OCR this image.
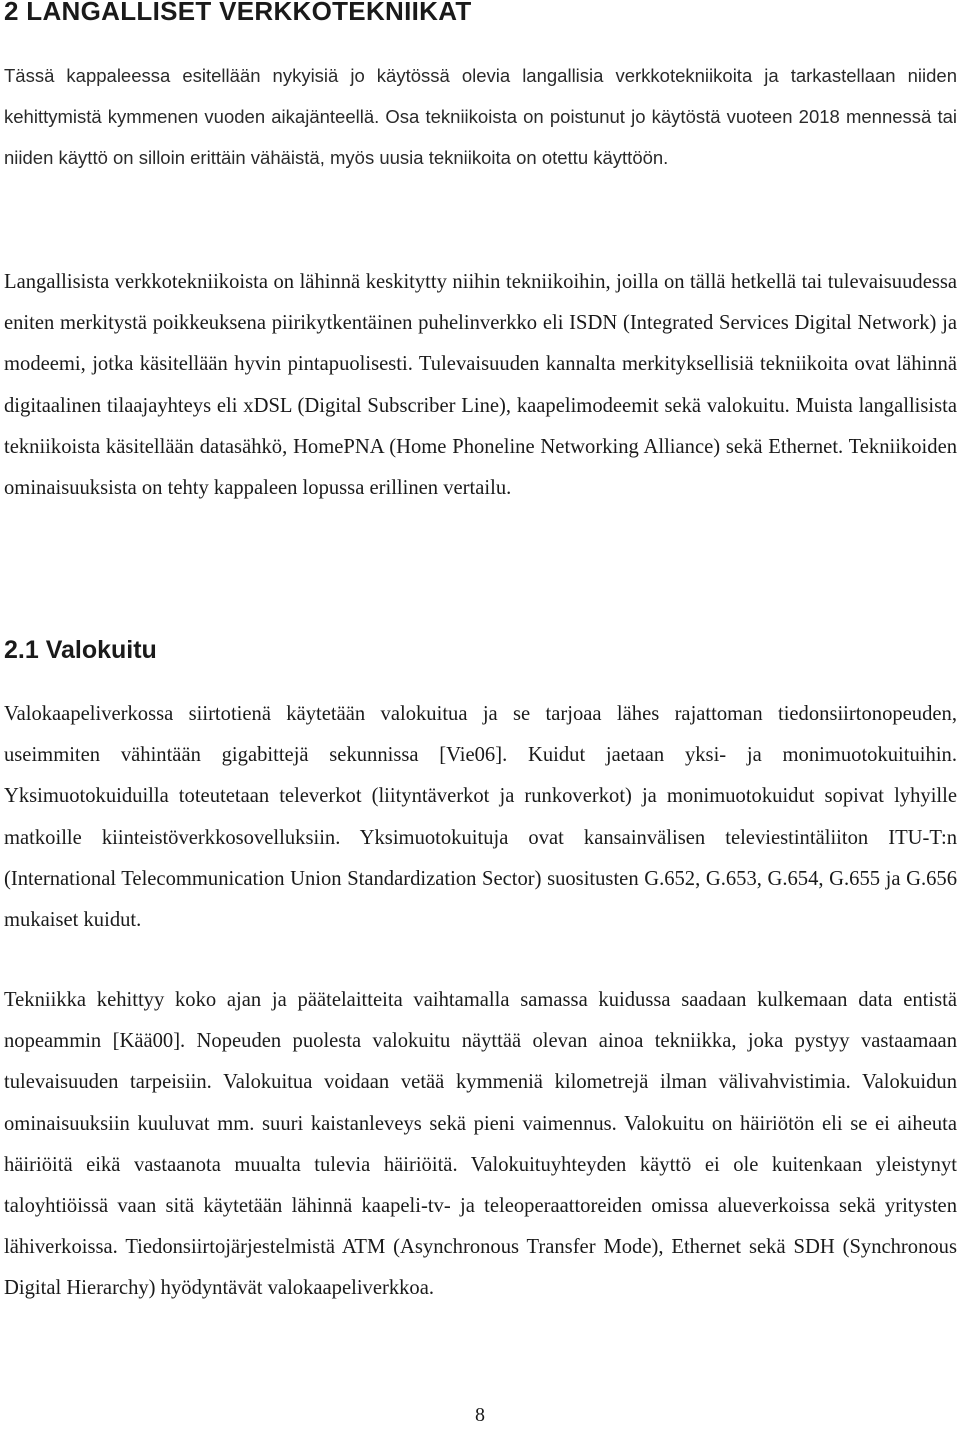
2 LANGALLISET VERKKOTEKNIIKAT

Tässä kappaleessa esitellään nykyisiä jo käytössä olevia langallisia verkkotekniikoita ja tarkastellaan niiden kehittymistä kymmenen vuoden aikajänteellä. Osa tekniikoista on poistunut jo käytöstä vuoteen 2018 mennessä tai niiden käyttö on silloin erittäin vähäistä, myös uusia tekniikoita on otettu käyttöön.

Langallisista verkkotekniikoista on lähinnä keskitytty niihin tekniikoihin, joilla on tällä hetkellä tai tulevaisuudessa eniten merkitystä poikkeuksena piirikytkentäinen puhelinverkko eli ISDN (Integrated Services Digital Network) ja modeemi, jotka käsitellään hyvin pintapuolisesti. Tulevaisuuden kannalta merkityksellisiä tekniikoita ovat lähinnä digitaalinen tilaajayhteys eli xDSL (Digital Subscriber Line), kaapelimodeemit sekä valokuitu. Muista langallisista tekniikoista käsitellään datasähkö, HomePNA (Home Phoneline Networking Alliance) sekä Ethernet. Tekniikoiden ominaisuuksista on tehty kappaleen lopussa erillinen vertailu.

2.1 Valokuitu

Valokaapeliverkossa siirtotienä käytetään valokuitua ja se tarjoaa lähes rajattoman tiedonsiirtonopeuden, useimmiten vähintään gigabittejä sekunnissa [Vie06]. Kuidut jaetaan yksi- ja monimuotokuituihin. Yksimuotokuiduilla toteutetaan televerkot (liityntäverkot ja runkoverkot) ja monimuotokuidut sopivat lyhyille matkoille kiinteistöverkkosovelluksiin. Yksimuotokuituja ovat kansainvälisen televiestintäliiton ITU-T:n (International Telecommunication Union Standardization Sector) suositusten G.652, G.653, G.654, G.655 ja G.656 mukaiset kuidut.

Tekniikka kehittyy koko ajan ja päätelaitteita vaihtamalla samassa kuidussa saadaan kulkemaan data entistä nopeammin [Kää00]. Nopeuden puolesta valokuitu näyttää olevan ainoa tekniikka, joka pystyy vastaamaan tulevaisuuden tarpeisiin. Valokuitua voidaan vetää kymmeniä kilometrejä ilman välivahvistimia. Valokuidun ominaisuuksiin kuuluvat mm. suuri kaistanleveys sekä pieni vaimennus. Valokuitu on häiriötön eli se ei aiheuta häiriöitä eikä vastaanota muualta tulevia häiriöitä. Valokuituyhteyden käyttö ei ole kuitenkaan yleistynyt taloyhtiöissä vaan sitä käytetään lähinnä kaapeli-tv- ja teleoperaattoreiden omissa alueverkoissa sekä yritysten lähiverkoissa. Tiedonsiirtojärjestelmistä ATM (Asynchronous Transfer Mode), Ethernet sekä SDH (Synchronous Digital Hierarchy) hyödyntävät valokaapeliverkkoa.

8
